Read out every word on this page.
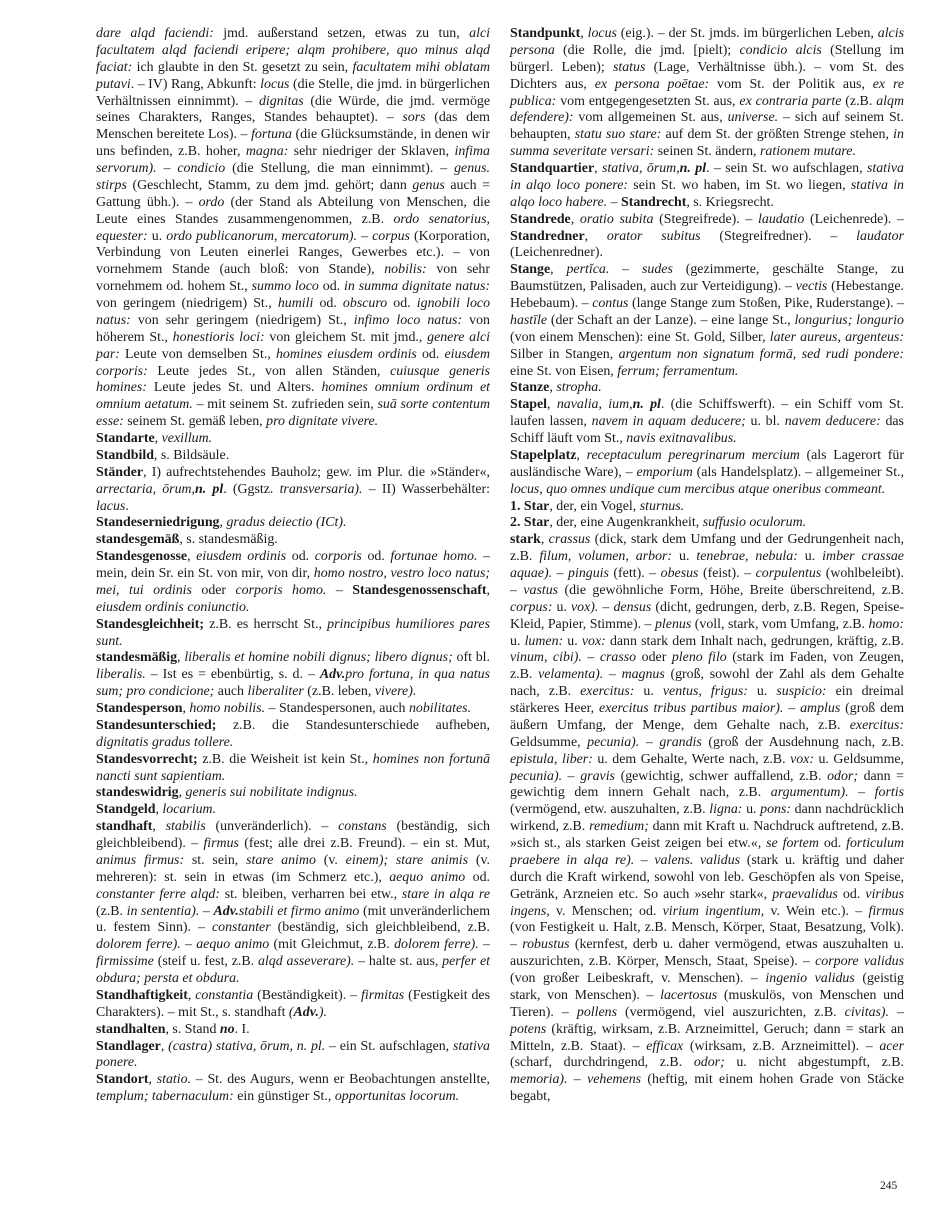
dare alqd faciendi: jmd. außerstand setzen, etwas zu tun, alci facultatem alqd faciendi eripere; alqm prohibere, quo minus alqd faciat: ich glaubte in den St. gesetzt zu sein, facultatem mihi oblatam putavi. – IV) Rang, Abkunft: locus (die Stelle, die jmd. in bürgerlichen Verhältnissen einnimmt). – dignitas (die Würde, die jmd. vermöge seines Charakters, Ranges, Standes behauptet). – sors (das dem Menschen bereitete Los). – fortuna (die Glücksumstände, in denen wir uns befinden, z.B. hoher, magna: sehr niedriger der Sklaven, infima servorum). – condicio (die Stellung, die man einnimmt). – genus. stirps (Geschlecht, Stamm, zu dem jmd. gehört; dann genus auch = Gattung übh.). – ordo (der Stand als Abteilung von Menschen, die Leute eines Standes zusammengenommen, z.B. ordo senatorius, equester: u. ordo publicanorum, mercatorum). – corpus (Korporation, Verbindung von Leuten einerlei Ranges, Gewerbes etc.). – von vornehmem Stande (auch bloß: von Stande), nobilis: von sehr vornehmem od. hohem St., summo loco od. in summa dignitate natus: von geringem (niedrigem) St., humili od. obscuro od. ignobili loco natus: von sehr geringem (niedrigem) St., infimo loco natus: von höherem St., honestioris loci: von gleichem St. mit jmd., genere alci par: Leute von demselben St., homines eiusdem ordinis od. eiusdem corporis: Leute jedes St., von allen Ständen, cuiusque generis homines: Leute jedes St. und Alters. homines omnium ordinum et omnium aetatum. – mit seinem St. zufrieden sein, suā sorte contentum esse: seinem St. gemäß leben, pro dignitate vivere.

Standarte, vexillum.

Standbild, s. Bildsäule.

Ständer, I) aufrechtstehendes Bauholz; gew. im Plur. die »Ständer«, arrectaria, ōrum,n. pl. (Ggstz. transversaria). – II) Wasserbehälter: lacus.

Standeserniedrigung, gradus deiectio (ICt).

standesgemäß, s. standesmäßig.

Standesgenosse, eiusdem ordinis od. corporis od. fortunae homo. – mein, dein Sr. ein St. von mir, von dir, homo nostro, vestro loco natus; mei, tui ordinis oder corporis homo. – Standesgenossenschaft, eiusdem ordinis coniunctio.

Standesgleichheit; z.B. es herrscht St., principibus humiliores pares sunt.

standesmäßig, liberalis et homine nobili dignus; libero dignus; oft bl. liberalis. – Ist es = ebenbürtig, s. d. – Adv.pro fortuna, in qua natus sum; pro condicione; auch liberaliter (z.B. leben, vivere).

Standesperson, homo nobilis. – Standespersonen, auch nobilitates.

Standesunterschied; z.B. die Standesunterschiede aufheben, dignitatis gradus tollere.

Standesvorrecht; z.B. die Weisheit ist kein St., homines non fortunā nancti sunt sapientiam.

standeswidrig, generis sui nobilitate indignus.

Standgeld, locarium.

standhaft, stabilis (unveränderlich). – constans (beständig, sich gleichbleibend). – firmus (fest; alle drei z.B. Freund). – ein st. Mut, animus firmus: st. sein, stare animo (v. einem); stare animis (v. mehreren): st. sein in etwas (im Schmerz etc.), aequo animo od. constanter ferre alqd: st. bleiben, verharren bei etw., stare in alqa re (z.B. in sententia). – Adv.stabili et firmo animo (mit unveränderlichem u. festem Sinn). – constanter (beständig, sich gleichbleibend, z.B. dolorem ferre). – aequo animo (mit Gleichmut, z.B. dolorem ferre). – firmissime (steif u. fest, z.B. alqd asseverare). – halte st. aus, perfer et obdura; persta et obdura.

Standhaftigkeit, constantia (Beständigkeit). – firmitas (Festigkeit des Charakters). – mit St., s. standhaft (Adv.).

standhalten, s. Stand no. I.

Standlager, (castra) stativa, ōrum, n. pl. – ein St. aufschlagen, stativa ponere.

Standort, statio. – St. des Augurs, wenn er Beobachtungen anstellte, templum; tabernaculum: ein günstiger St., opportunitas locorum.

Standpunkt, locus (eig.). – der St. jmds. im bürgerlichen Leben, alcis persona (die Rolle, die jmd. [pielt); condicio alcis (Stellung im bürgerl. Leben); status (Lage, Verhältnisse übh.). – vom St. des Dichters aus, ex persona poētae: vom St. der Politik aus, ex re publica: vom entgegengesetzten St. aus, ex contraria parte (z.B. alqm defendere): vom allgemeinen St. aus, universe. – sich auf seinem St. behaupten, statu suo stare: auf dem St. der größten Strenge stehen, in summa severitate versari: seinen St. ändern, rationem mutare.

Standquartier, stativa, ōrum,n. pl. – sein St. wo aufschlagen, stativa in alqo loco ponere: sein St. wo haben, im St. wo liegen, stativa in alqo loco habere. – Standrecht, s. Kriegsrecht.

Standrede, oratio subita (Stegreifrede). – laudatio (Leichenrede). – Standredner, orator subitus (Stegreifredner). – laudator (Leichenredner).

Stange, pertĭca. – sudes (gezimmerte, geschälte Stange, zu Baumstützen, Palisaden, auch zur Verteidigung). – vectis (Hebestange. Hebebaum). – contus (lange Stange zum Stoßen, Pike, Ruderstange). – hastīle (der Schaft an der Lanze). – eine lange St., longurius; longurio (von einem Menschen): eine St. Gold, Silber, later aureus, argenteus: Silber in Stangen, argentum non signatum formā, sed rudi pondere: eine St. von Eisen, ferrum; ferramentum.

Stanze, stropha.

Stapel, navalia, ium,n. pl. (die Schiffswerft). – ein Schiff vom St. laufen lassen, navem in aquam deducere; u. bl. navem deducere: das Schiff läuft vom St., navis exitnavalibus.

Stapelplatz, receptaculum peregrinarum mercium (als Lagerort für ausländische Ware), – emporium (als Handelsplatz). – allgemeiner St., locus, quo omnes undique cum mercibus atque oneribus commeant.

1. Star, der, ein Vogel, sturnus.

2. Star, der, eine Augenkrankheit, suffusio oculorum.

stark, crassus (dick, stark dem Umfang und der Gedrungenheit nach, z.B. filum, volumen, arbor: u. tenebrae, nebula: u. imber crassae aquae). – pinguis (fett). – obesus (feist). – corpulentus (wohlbeleibt). – vastus (die gewöhnliche Form, Höhe, Breite überschreitend, z.B. corpus: u. vox). – densus (dicht, gedrungen, derb, z.B. Regen, Speise-Kleid, Papier, Stimme). – plenus (voll, stark, vom Umfang, z.B. homo: u. lumen: u. vox: dann stark dem Inhalt nach, gedrungen, kräftig, z.B. vinum, cibi). – crasso oder pleno filo (stark im Faden, von Zeugen, z.B. velamenta). – magnus (groß, sowohl der Zahl als dem Gehalte nach, z.B. exercitus: u. ventus, frigus: u. suspicio: ein dreimal stärkeres Heer, exercitus tribus partibus maior). – amplus (groß dem äußern Umfang, der Menge, dem Gehalte nach, z.B. exercitus: Geldsumme, pecunia). – grandis (groß der Ausdehnung nach, z.B. epistula, liber: u. dem Gehalte, Werte nach, z.B. vox: u. Geldsumme, pecunia). – gravis (gewichtig, schwer auffallend, z.B. odor; dann = gewichtig dem innern Gehalt nach, z.B. argumentum). – fortis (vermögend, etw. auszuhalten, z.B. ligna: u. pons: dann nachdrücklich wirkend, z.B. remedium; dann mit Kraft u. Nachdruck auftretend, z.B. »sich st., als starken Geist zeigen bei etw.«, se fortem od. forticulum praebere in alqa re). – valens. validus (stark u. kräftig und daher durch die Kraft wirkend, sowohl von leb. Geschöpfen als von Speise, Getränk, Arzneien etc. So auch »sehr stark«, praevalidus od. viribus ingens, v. Menschen; od. virium ingentium, v. Wein etc.). – firmus (von Festigkeit u. Halt, z.B. Mensch, Körper, Staat, Besatzung, Volk). – robustus (kernfest, derb u. daher vermögend, etwas auszuhalten u. auszurichten, z.B. Körper, Mensch, Staat, Speise). – corpore validus (von großer Leibeskraft, v. Menschen). – ingenio validus (geistig stark, von Menschen). – lacertosus (muskulös, von Menschen und Tieren). – pollens (vermögend, viel auszurichten, z.B. civitas). – potens (kräftig, wirksam, z.B. Arzneimittel, Geruch; dann = stark an Mitteln, z.B. Staat). – efficax (wirksam, z.B. Arzneimittel). – acer (scharf, durchdringend, z.B. odor; u. nicht abgestumpft, z.B. memoria). – vehemens (heftig, mit einem hohen Grade von Stäcke begabt,

245
